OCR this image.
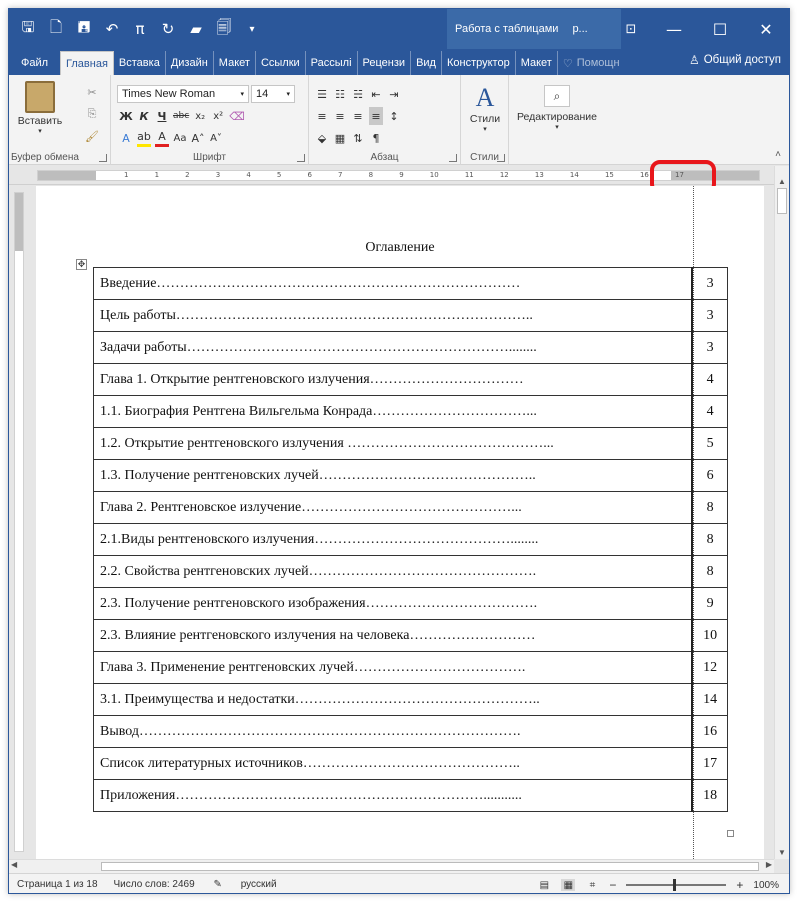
🖫	🗋	🖪	↶	π	↻	▰ 🗐	▾	Работа с таблицами р...	⊡	—	☐	✕
Файл	Главная	Вставка	Дизайн	Макет	Ссылки	Рассылі	Рецензи	Вид	Конструктор	Макет	♡ Помощн	♙ Общий доступ
Вставить
▾
✂
⎘
🖌
Буфер обмена
Times New Roman	▾ 14	▾
Ж К Ч abc x₂ x² ⌫
A ab A Aa A˄ A˅
Шрифт
☰ ☷ ☵ ⇤ ⇥
≡ ≡ ≡ ≡ ↕
⬙ ▦ ⇅ ¶
Абзац
A
Стили
▾
Стили
⌕
Редактирование
▾
˄
1	1	2	3	4	5	6	7	8	9	10	11	12	13	14	15	16	17
Оглавление
✥
Введение……………………………………………………………………	3
Цель работы…………………………………………………………………..	3
Задачи работы……………………………………………………………........	3
Глава 1. Открытие рентгеновского излучения……………………………	4
1.1. Биография Рентгена Вильгельма Конрада……………………………...	4
1.2. Открытие рентгеновского излучения ……………………………………...	5
1.3. Получение рентгеновских лучей………………………………………..	6
Глава 2. Рентгеновское излучение………………………………………...	8
2.1.Виды рентгеновского излучения……………………………………........	8
2.2. Свойства рентгеновских лучей………………………………………….	8
2.3. Получение рентгеновского изображения……………………………….	9
2.3. Влияние рентгеновского излучения на человека………………………	10
Глава 3. Применение рентгеновских лучей……………………………….	12
3.1. Преимущества и недостатки……………………………………………..	14
Вывод……………………………………………………………………….	16
Список литературных источников………………………………………..	17
Приложения…………………………………………………………...........	18
▲
▼
◀	▶
Страница 1 из 18 Число слов: 2469 ✎ русский	▤ ▦	⌗	−	+ 100%
